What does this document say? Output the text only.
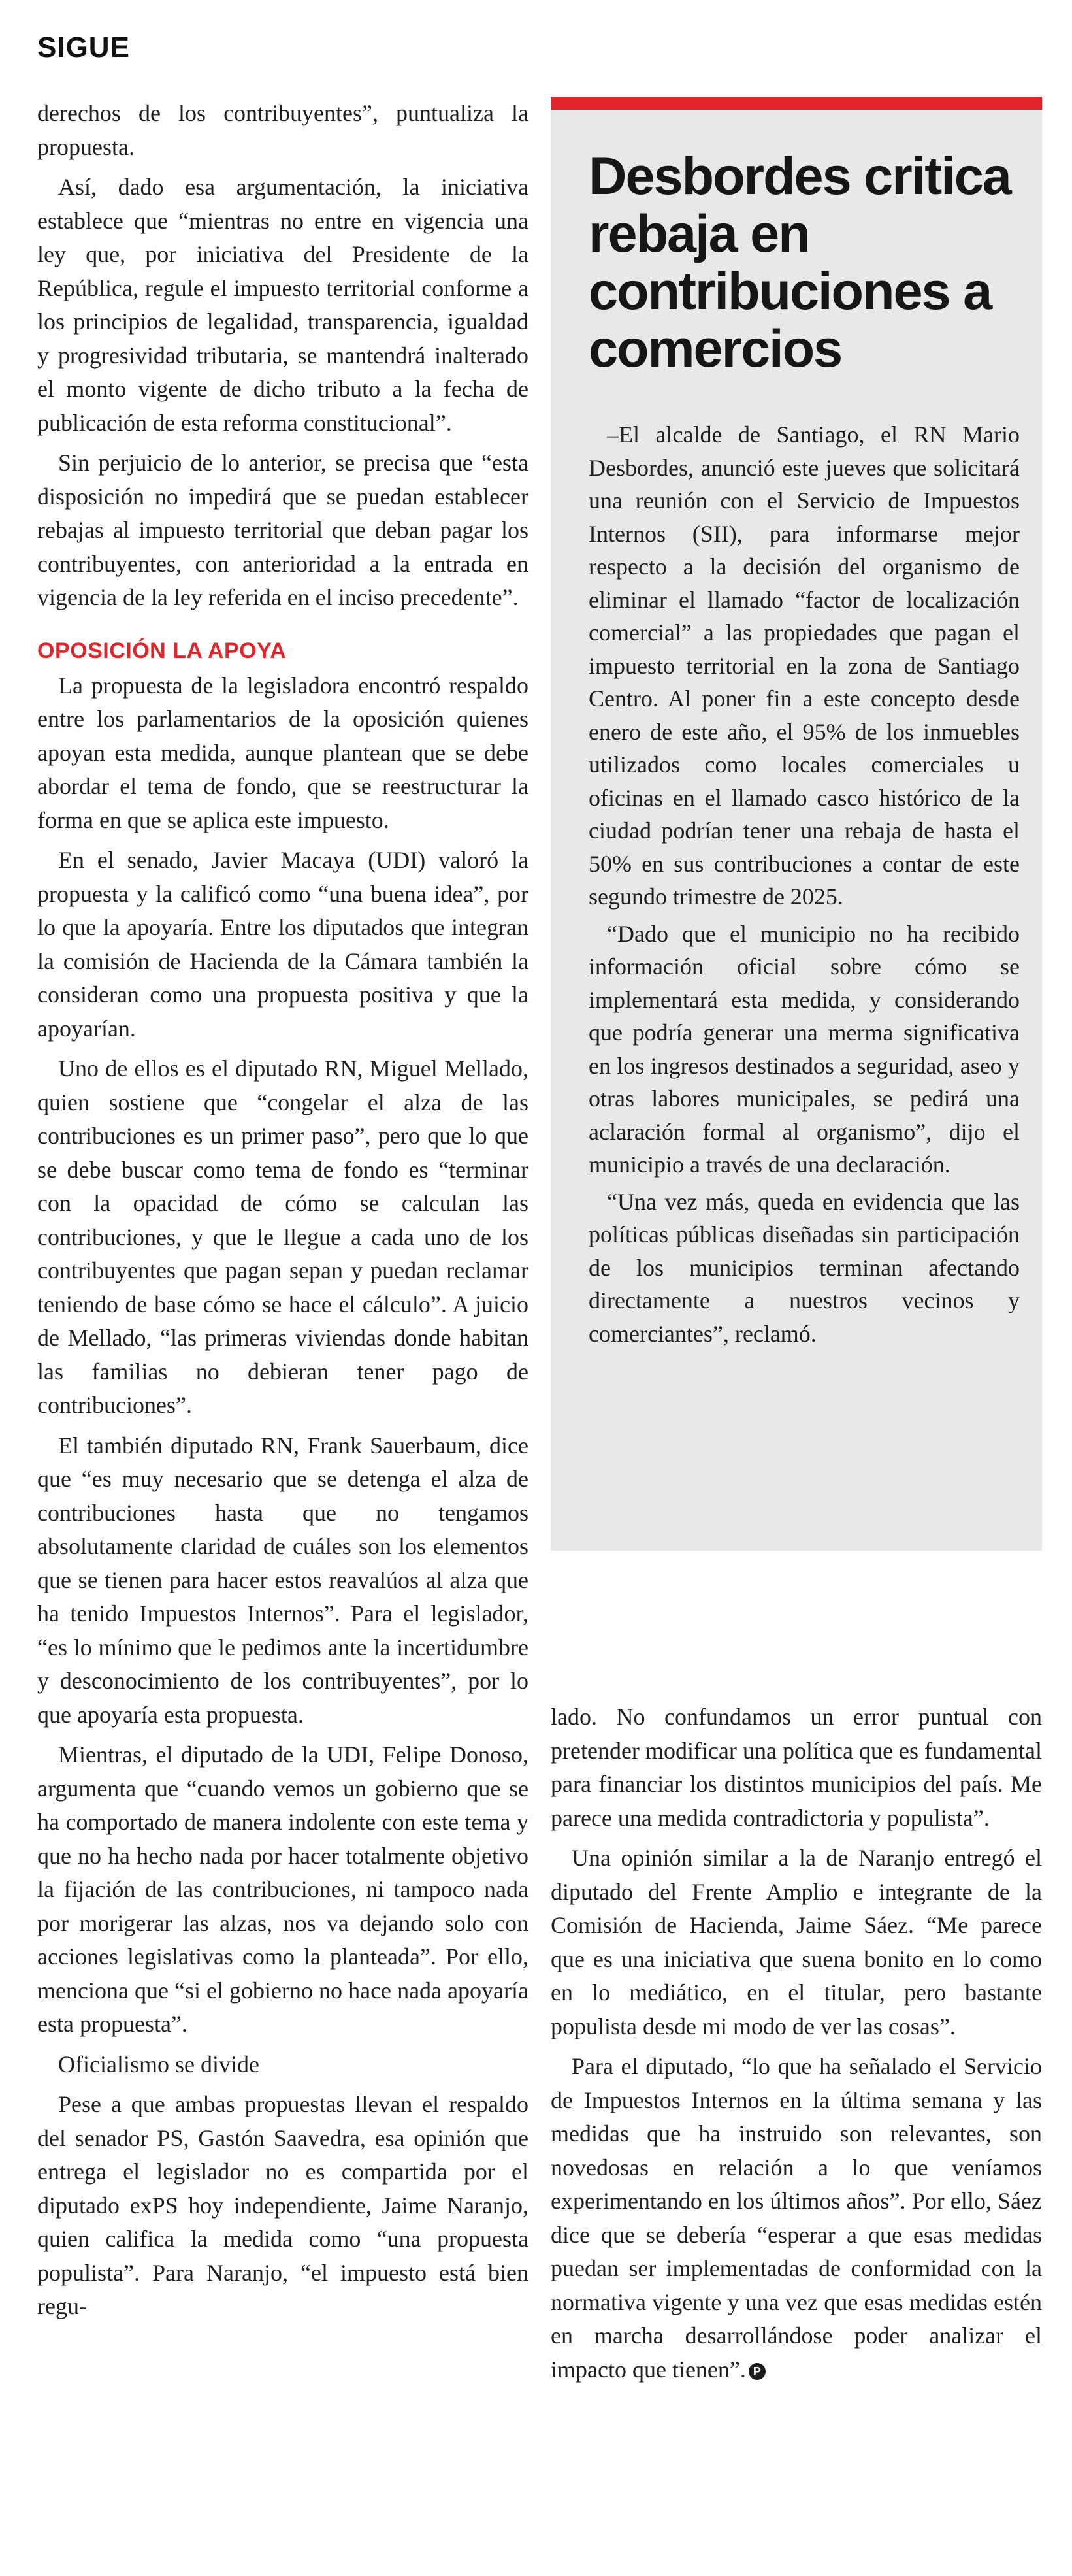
SIGUE

derechos de los contribuyentes”, puntualiza la propuesta.

Así, dado esa argumentación, la iniciativa establece que “mientras no entre en vigencia una ley que, por iniciativa del Presidente de la República, regule el impuesto territorial conforme a los principios de legalidad, transparencia, igualdad y progresividad tributaria, se mantendrá inalterado el monto vigente de dicho tributo a la fecha de publicación de esta reforma constitucional”.

Sin perjuicio de lo anterior, se precisa que “esta disposición no impedirá que se puedan establecer rebajas al impuesto territorial que deban pagar los contribuyentes, con anterioridad a la entrada en vigencia de la ley referida en el inciso precedente”.

OPOSICIÓN LA APOYA

La propuesta de la legisladora encontró respaldo entre los parlamentarios de la oposición quienes apoyan esta medida, aunque plantean que se debe abordar el tema de fondo, que se reestructurar la forma en que se aplica este impuesto.

En el senado, Javier Macaya (UDI) valoró la propuesta y la calificó como “una buena idea”, por lo que la apoyaría. Entre los diputados que integran la comisión de Hacienda de la Cámara también la consideran como una propuesta positiva y que la apoyarían.

Uno de ellos es el diputado RN, Miguel Mellado, quien sostiene que “congelar el alza de las contribuciones es un primer paso”, pero que lo que se debe buscar como tema de fondo es “terminar con la opacidad de cómo se calculan las contribuciones, y que le llegue a cada uno de los contribuyentes que pagan sepan y puedan reclamar teniendo de base cómo se hace el cálculo”. A juicio de Mellado, “las primeras viviendas donde habitan las familias no debieran tener pago de contribuciones”.

El también diputado RN, Frank Sauerbaum, dice que “es muy necesario que se detenga el alza de contribuciones hasta que no tengamos absolutamente claridad de cuáles son los elementos que se tienen para hacer estos reavalúos al alza que ha tenido Impuestos Internos”. Para el legislador, “es lo mínimo que le pedimos ante la incertidumbre y desconocimiento de los contribuyentes”, por lo que apoyaría esta propuesta.

Mientras, el diputado de la UDI, Felipe Donoso, argumenta que “cuando vemos un gobierno que se ha comportado de manera indolente con este tema y que no ha hecho nada por hacer totalmente objetivo la fijación de las contribuciones, ni tampoco nada por morigerar las alzas, nos va dejando solo con acciones legislativas como la planteada”. Por ello, menciona que “si el gobierno no hace nada apoyaría esta propuesta”.

Oficialismo se divide

Pese a que ambas propuestas llevan el respaldo del senador PS, Gastón Saavedra, esa opinión que entrega el legislador no es compartida por el diputado exPS hoy independiente, Jaime Naranjo, quien califica la medida como “una propuesta populista”. Para Naranjo, “el impuesto está bien regu-

Desbordes critica rebaja en contribuciones a comercios

–El alcalde de Santiago, el RN Mario Desbordes, anunció este jueves que solicitará una reunión con el Servicio de Impuestos Internos (SII), para informarse mejor respecto a la decisión del organismo de eliminar el llamado “factor de localización comercial” a las propiedades que pagan el impuesto territorial en la zona de Santiago Centro. Al poner fin a este concepto desde enero de este año, el 95% de los inmuebles utilizados como locales comerciales u oficinas en el llamado casco histórico de la ciudad podrían tener una rebaja de hasta el 50% en sus contribuciones a contar de este segundo trimestre de 2025.

“Dado que el municipio no ha recibido información oficial sobre cómo se implementará esta medida, y considerando que podría generar una merma significativa en los ingresos destinados a seguridad, aseo y otras labores municipales, se pedirá una aclaración formal al organismo”, dijo el municipio a través de una declaración.

“Una vez más, queda en evidencia que las políticas públicas diseñadas sin participación de los municipios terminan afectando directamente a nuestros vecinos y comerciantes”, reclamó.

lado. No confundamos un error puntual con pretender modificar una política que es fundamental para financiar los distintos municipios del país. Me parece una medida contradictoria y populista”.

Una opinión similar a la de Naranjo entregó el diputado del Frente Amplio e integrante de la Comisión de Hacienda, Jaime Sáez. “Me parece que es una iniciativa que suena bonito en lo como en lo mediático, en el titular, pero bastante populista desde mi modo de ver las cosas”.

Para el diputado, “lo que ha señalado el Servicio de Impuestos Internos en la última semana y las medidas que ha instruido son relevantes, son novedosas en relación a lo que veníamos experimentando en los últimos años”. Por ello, Sáez dice que se debería “esperar a que esas medidas puedan ser implementadas de conformidad con la normativa vigente y una vez que esas medidas estén en marcha desarrollándose poder analizar el impacto que tienen”. P
